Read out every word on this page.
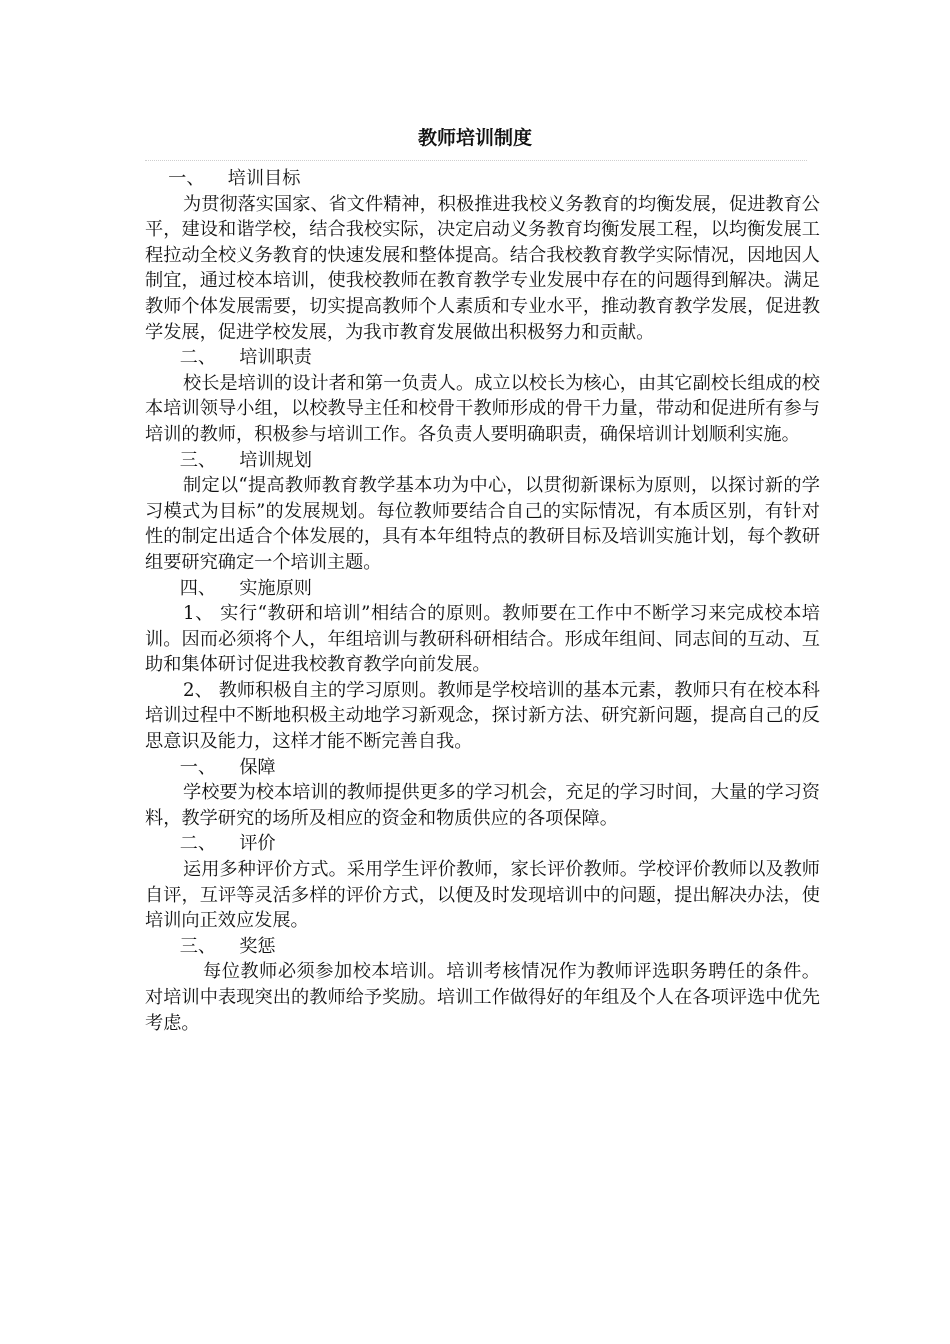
教师培训制度
一、    培训目标

为贯彻落实国家、省文件精神，积极推进我校义务教育的均衡发展，促进教育公平，建设和谐学校，结合我校实际，决定启动义务教育均衡发展工程，以均衡发展工程拉动全校义务教育的快速发展和整体提高。结合我校教育教学实际情况，因地因人制宜，通过校本培训，使我校教师在教育教学专业发展中存在的问题得到解决。满足教师个体发展需要，切实提高教师个人素质和专业水平，推动教育教学发展，促进教学发展，促进学校发展，为我市教育发展做出积极努力和贡献。

二、    培训职责

校长是培训的设计者和第一负责人。成立以校长为核心，由其它副校长组成的校本培训领导小组，以校教导主任和校骨干教师形成的骨干力量，带动和促进所有参与培训的教师，积极参与培训工作。各负责人要明确职责，确保培训计划顺利实施。

三、    培训规划

制定以“提高教师教育教学基本功为中心，以贯彻新课标为原则，以探讨新的学习模式为目标”的发展规划。每位教师要结合自己的实际情况，有本质区别，有针对性的制定出适合个体发展的，具有本年组特点的教研目标及培训实施计划，每个教研组要研究确定一个培训主题。

四、    实施原则

1、 实行“教研和培训”相结合的原则。教师要在工作中不断学习来完成校本培训。因而必须将个人，年组培训与教研科研相结合。形成年组间、同志间的互动、互助和集体研讨促进我校教育教学向前发展。

2、 教师积极自主的学习原则。教师是学校培训的基本元素，教师只有在校本科培训过程中不断地积极主动地学习新观念，探讨新方法、研究新问题，提高自己的反思意识及能力，这样才能不断完善自我。

一、    保障

学校要为校本培训的教师提供更多的学习机会，充足的学习时间，大量的学习资料，教学研究的场所及相应的资金和物质供应的各项保障。

二、    评价

运用多种评价方式。采用学生评价教师，家长评价教师。学校评价教师以及教师自评，互评等灵活多样的评价方式，以便及时发现培训中的问题，提出解决办法，使培训向正效应发展。

三、    奖惩

每位教师必须参加校本培训。培训考核情况作为教师评选职务聘任的条件。对培训中表现突出的教师给予奖励。培训工作做得好的年组及个人在各项评选中优先考虑。
